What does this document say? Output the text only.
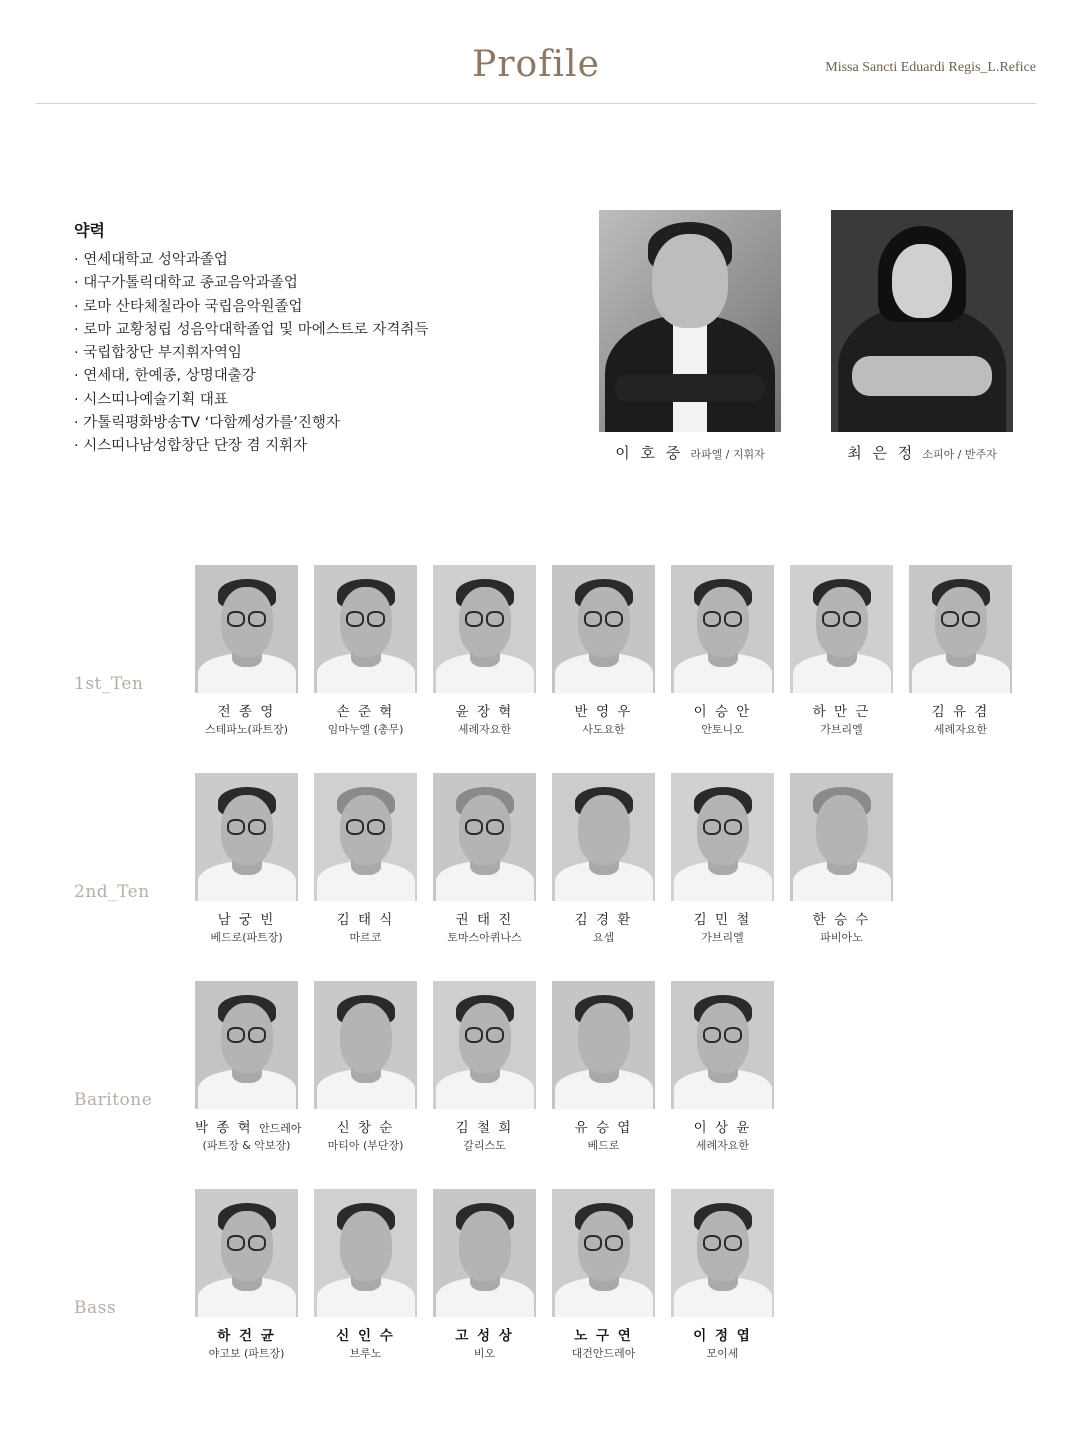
Profile	Missa Sancti Eduardi Regis_L.Refice
약력
· 연세대학교 성악과졸업
· 대구가톨릭대학교 종교음악과졸업
· 로마 산타체칠라아 국립음악원졸업
· 로마 교황청립 성음악대학졸업 및 마에스트로 자격취득
· 국립합창단 부지휘자역임
· 연세대, 한예종, 상명대출강
· 시스띠나예술기획 대표
· 가톨릭평화방송TV ‘다함께성가를’진행자
· 시스띠나남성합창단 단장 겸 지휘자	이 호 중 라파엘 / 지휘자	최 은 정 소피아 / 반주자
1st_Ten
2nd_Ten
Baritone
Bass
전 종 영
스테파노(파트장)
손 준 혁
임마누엘 (총무)
윤 장 혁
세례자요한
반 영 우
사도요한
이 승 안
안토니오
하 만 근
가브리엘
김 유 겸
세례자요한
남 궁 빈
베드로(파트장)
김 태 식
마르코
권 태 진
토마스아퀴나스
김 경 환
요셉
김 민 철
가브리엘
한 승 수
파비아노
박 종 혁 안드레아
(파트장 & 악보장)
신 창 순
마티아 (부단장)
김 철 희
갈리스도
유 승 엽
베드로
이 상 윤
세례자요한
하 건 균
야고보 (파트장)
신 인 수
브루노
고 성 상
비오
노 구 연
대건안드레아
이 정 엽
모이세
